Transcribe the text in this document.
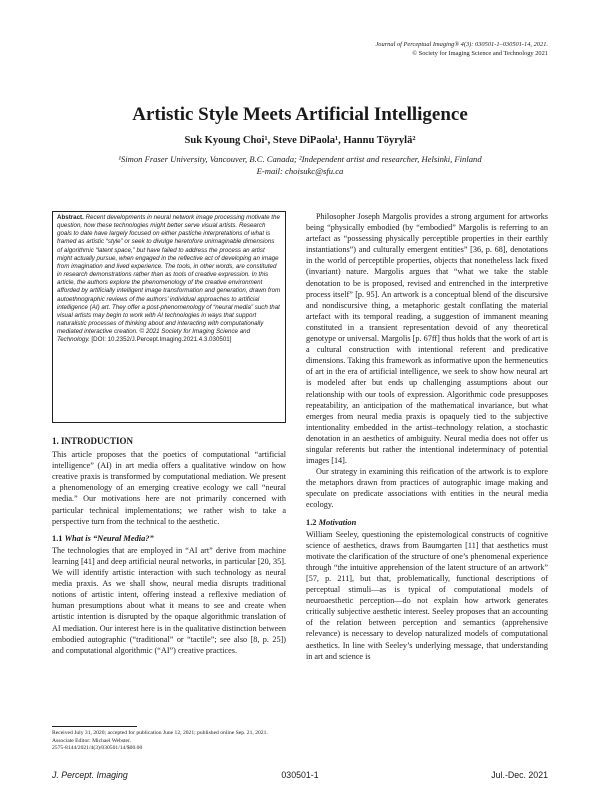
Journal of Perceptual Imaging® 4(3): 030501-1–030501-14, 2021.
© Society for Imaging Science and Technology 2021
Artistic Style Meets Artificial Intelligence
Suk Kyoung Choi¹, Steve DiPaola¹, Hannu Töyrylä²
¹Simon Fraser University, Vancouver, B.C. Canada; ²Independent artist and researcher, Helsinki, Finland
E-mail: choisukc@sfu.ca
Abstract. Recent developments in neural network image processing motivate the question, how these technologies might better serve visual artists. Research goals to date have largely focused on either pastiche interpretations of what is framed as artistic “style” or seek to divulge heretofore unimaginable dimensions of algorithmic “latent space,” but have failed to address the process an artist might actually pursue, when engaged in the reflective act of developing an image from imagination and lived experience. The tools, in other words, are constituted in research demonstrations rather than as tools of creative expression. In this article, the authors explore the phenomenology of the creative environment afforded by artificially intelligent image transformation and generation, drawn from autoethnographic reviews of the authors’ individual approaches to artificial intelligence (AI) art. They offer a post-phenomenology of “neural media” such that visual artists may begin to work with AI technologies in ways that support naturalistic processes of thinking about and interacting with computationally mediated interactive creation. © 2021 Society for Imaging Science and Technology. [DOI: 10.2352/J.Percept.Imaging.2021.4.3.030501]
1. INTRODUCTION

This article proposes that the poetics of computational “artificial intelligence” (AI) in art media offers a qualitative window on how creative praxis is transformed by computational mediation. We present a phenomenology of an emerging creative ecology we call “neural media.” Our motivations here are not primarily concerned with particular technical implementations; we rather wish to take a perspective turn from the technical to the aesthetic.

1.1 What is “Neural Media?”

The technologies that are employed in “AI art” derive from machine learning [41] and deep artificial neural networks, in particular [20, 35]. We will identify artistic interaction with such technology as neural media praxis. As we shall show, neural media disrupts traditional notions of artistic intent, offering instead a reflexive mediation of human presumptions about what it means to see and create when artistic intention is disrupted by the opaque algorithmic translation of AI mediation. Our interest here is in the qualitative distinction between embodied autographic (“traditional” or “tactile”; see also [8, p. 25]) and computational algorithmic (“AI”) creative practices.

Philosopher Joseph Margolis provides a strong argument for artworks being “physically embodied (by “embodied” Margolis is referring to an artefact as “possessing physically perceptible properties in their earthly instantiations”) and culturally emergent entities” [36, p. 68], denotations in the world of perceptible properties, objects that nonetheless lack fixed (invariant) nature. Margolis argues that “what we take the stable denotation to be is proposed, revised and entrenched in the interpretive process itself” [p. 95]. An artwork is a conceptual blend of the discursive and nondiscursive thing, a metaphoric gestalt conflating the material artefact with its temporal reading, a suggestion of immanent meaning constituted in a transient representation devoid of any theoretical genotype or universal. Margolis [p. 67ff] thus holds that the work of art is a cultural construction with intentional referent and predicative dimensions. Taking this framework as informative upon the hermeneutics of art in the era of artificial intelligence, we seek to show how neural art is modeled after but ends up challenging assumptions about our relationship with our tools of expression. Algorithmic code presupposes repeatability, an anticipation of the mathematical invariance, but what emerges from neural media praxis is opaquely tied to the subjective intentionality embedded in the artist–technology relation, a stochastic denotation in an aesthetics of ambiguity. Neural media does not offer us singular referents but rather the intentional indeterminacy of potential images [14].

Our strategy in examining this reification of the artwork is to explore the metaphors drawn from practices of autographic image making and speculate on predicate associations with entities in the neural media ecology.

1.2 Motivation

William Seeley, questioning the epistemological constructs of cognitive science of aesthetics, draws from Baumgarten [11] that aesthetics must motivate the clarification of the structure of one’s phenomenal experience through “the intuitive apprehension of the latent structure of an artwork” [57, p. 211], but that, problematically, functional descriptions of perceptual stimuli—as is typical of computational models of neuroaesthetic perception—do not explain how artwork generates critically subjective aesthetic interest. Seeley proposes that an accounting of the relation between perception and semantics (apprehensive relevance) is necessary to develop naturalized models of computational aesthetics. In line with Seeley’s underlying message, that understanding in art and science is

Received July 31, 2020; accepted for publication June 12, 2021; published online Sep. 21, 2021. Associate Editor: Michael Webster.
2575-8144/2021/4(3)/030501/14/$00.00
J. Percept. Imaging	030501-1	Jul.-Dec. 2021
